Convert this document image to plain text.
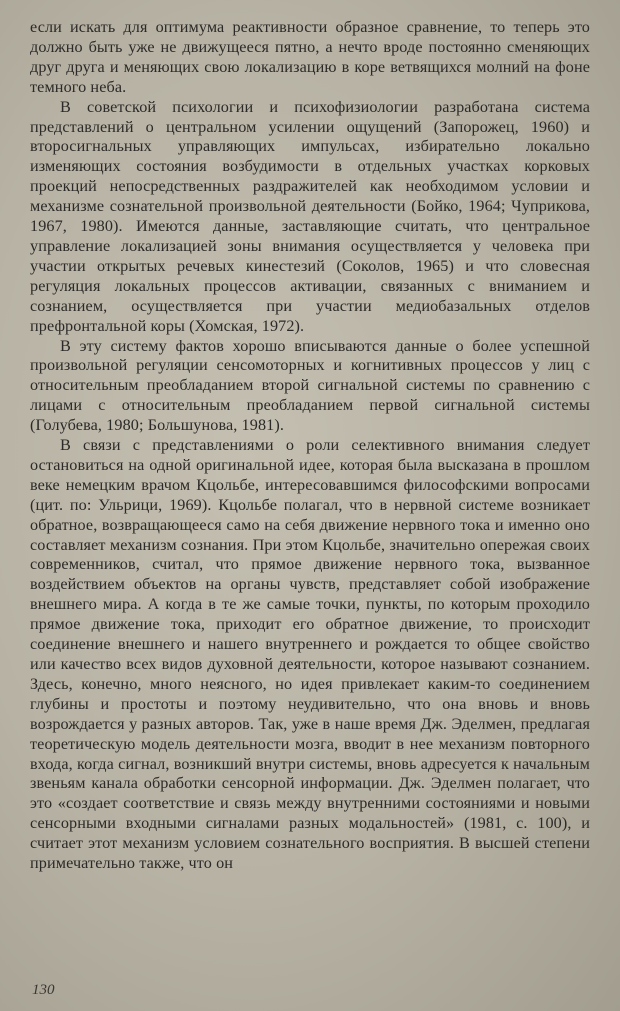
если искать для оптимума реактивности образное сравнение, то теперь это должно быть уже не движущееся пятно, а нечто вроде постоянно сменяющих друг друга и меняющих свою локализацию в коре ветвящихся молний на фоне темного неба.

В советской психологии и психофизиологии разработана система представлений о центральном усилении ощущений (Запорожец, 1960) и второсигнальных управляющих импульсах, избирательно локально изменяющих состояния возбудимости в отдельных участках корковых проекций непосредственных раздражителей как необходимом условии и механизме сознательной произвольной деятельности (Бойко, 1964; Чуприкова, 1967, 1980). Имеются данные, заставляющие считать, что центральное управление локализацией зоны внимания осуществляется у человека при участии открытых речевых кинестезий (Соколов, 1965) и что словесная регуляция локальных процессов активации, связанных с вниманием и сознанием, осуществляется при участии медиобазальных отделов префронтальной коры (Хомская, 1972).

В эту систему фактов хорошо вписываются данные о более успешной произвольной регуляции сенсомоторных и когнитивных процессов у лиц с относительным преобладанием второй сигнальной системы по сравнению с лицами с относительным преобладанием первой сигнальной системы (Голубева, 1980; Большунова, 1981).

В связи с представлениями о роли селективного внимания следует остановиться на одной оригинальной идее, которая была высказана в прошлом веке немецким врачом Кцольбе, интересовавшимся философскими вопросами (цит. по: Ульрици, 1969). Кцольбе полагал, что в нервной системе возникает обратное, возвращающееся само на себя движение нервного тока и именно оно составляет механизм сознания. При этом Кцольбе, значительно опережая своих современников, считал, что прямое движение нервного тока, вызванное воздействием объектов на органы чувств, представляет собой изображение внешнего мира. А когда в те же самые точки, пункты, по которым проходило прямое движение тока, приходит его обратное движение, то происходит соединение внешнего и нашего внутреннего и рождается то общее свойство или качество всех видов духовной деятельности, которое называют сознанием. Здесь, конечно, много неясного, но идея привлекает каким-то соединением глубины и простоты и поэтому неудивительно, что она вновь и вновь возрождается у разных авторов. Так, уже в наше время Дж. Эделмен, предлагая теоретическую модель деятельности мозга, вводит в нее механизм повторного входа, когда сигнал, возникший внутри системы, вновь адресуется к начальным звеньям канала обработки сенсорной информации. Дж. Эделмен полагает, что это «создает соответствие и связь между внутренними состояниями и новыми сенсорными входными сигналами разных модальностей» (1981, с. 100), и считает этот механизм условием сознательного восприятия. В высшей степени примечательно также, что он

130
